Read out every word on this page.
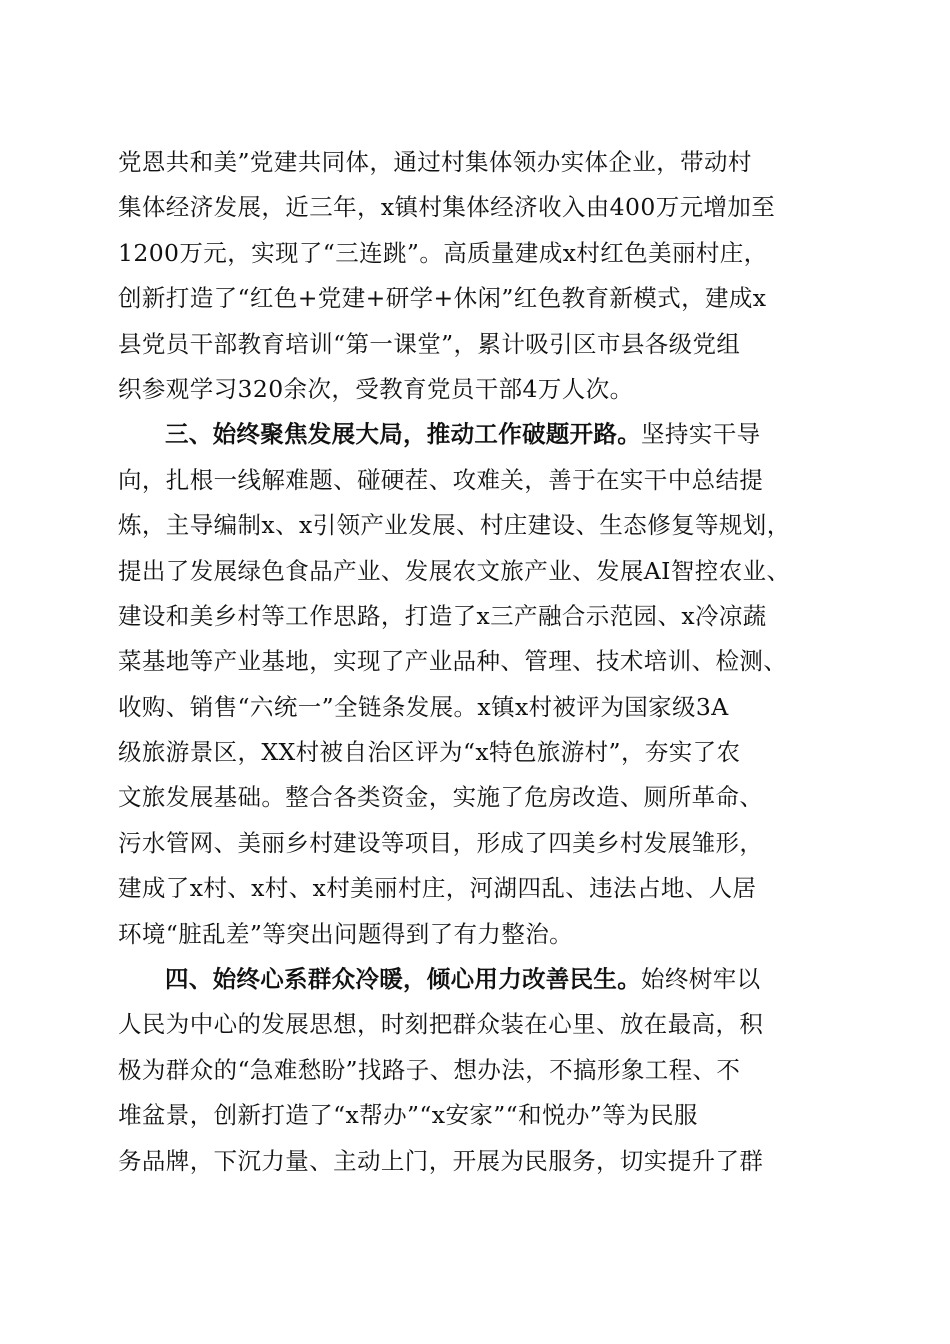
党恩共和美”党建共同体，通过村集体领办实体企业，带动村
集体经济发展，近三年，x镇村集体经济收入由400万元增加至
1200万元，实现了“三连跳”。高质量建成x村红色美丽村庄，
创新打造了“红色+党建+研学+休闲”红色教育新模式，建成x
县党员干部教育培训“第一课堂”，累计吸引区市县各级党组
织参观学习320余次，受教育党员干部4万人次。
三、始终聚焦发展大局，推动工作破题开路。坚持实干导
向，扎根一线解难题、碰硬茬、攻难关，善于在实干中总结提
炼，主导编制x、x引领产业发展、村庄建设、生态修复等规划，
提出了发展绿色食品产业、发展农文旅产业、发展AI智控农业、
建设和美乡村等工作思路，打造了x三产融合示范园、x冷凉蔬
菜基地等产业基地，实现了产业品种、管理、技术培训、检测、
收购、销售“六统一”全链条发展。x镇x村被评为国家级3A
级旅游景区，XX村被自治区评为“x特色旅游村”，夯实了农
文旅发展基础。整合各类资金，实施了危房改造、厕所革命、
污水管网、美丽乡村建设等项目，形成了四美乡村发展雏形，
建成了x村、x村、x村美丽村庄，河湖四乱、违法占地、人居
环境“脏乱差”等突出问题得到了有力整治。
四、始终心系群众冷暖，倾心用力改善民生。始终树牢以
人民为中心的发展思想，时刻把群众装在心里、放在最高，积
极为群众的“急难愁盼”找路子、想办法，不搞形象工程、不
堆盆景，创新打造了“x帮办”“x安家”“和悦办”等为民服
务品牌，下沉力量、主动上门，开展为民服务，切实提升了群
